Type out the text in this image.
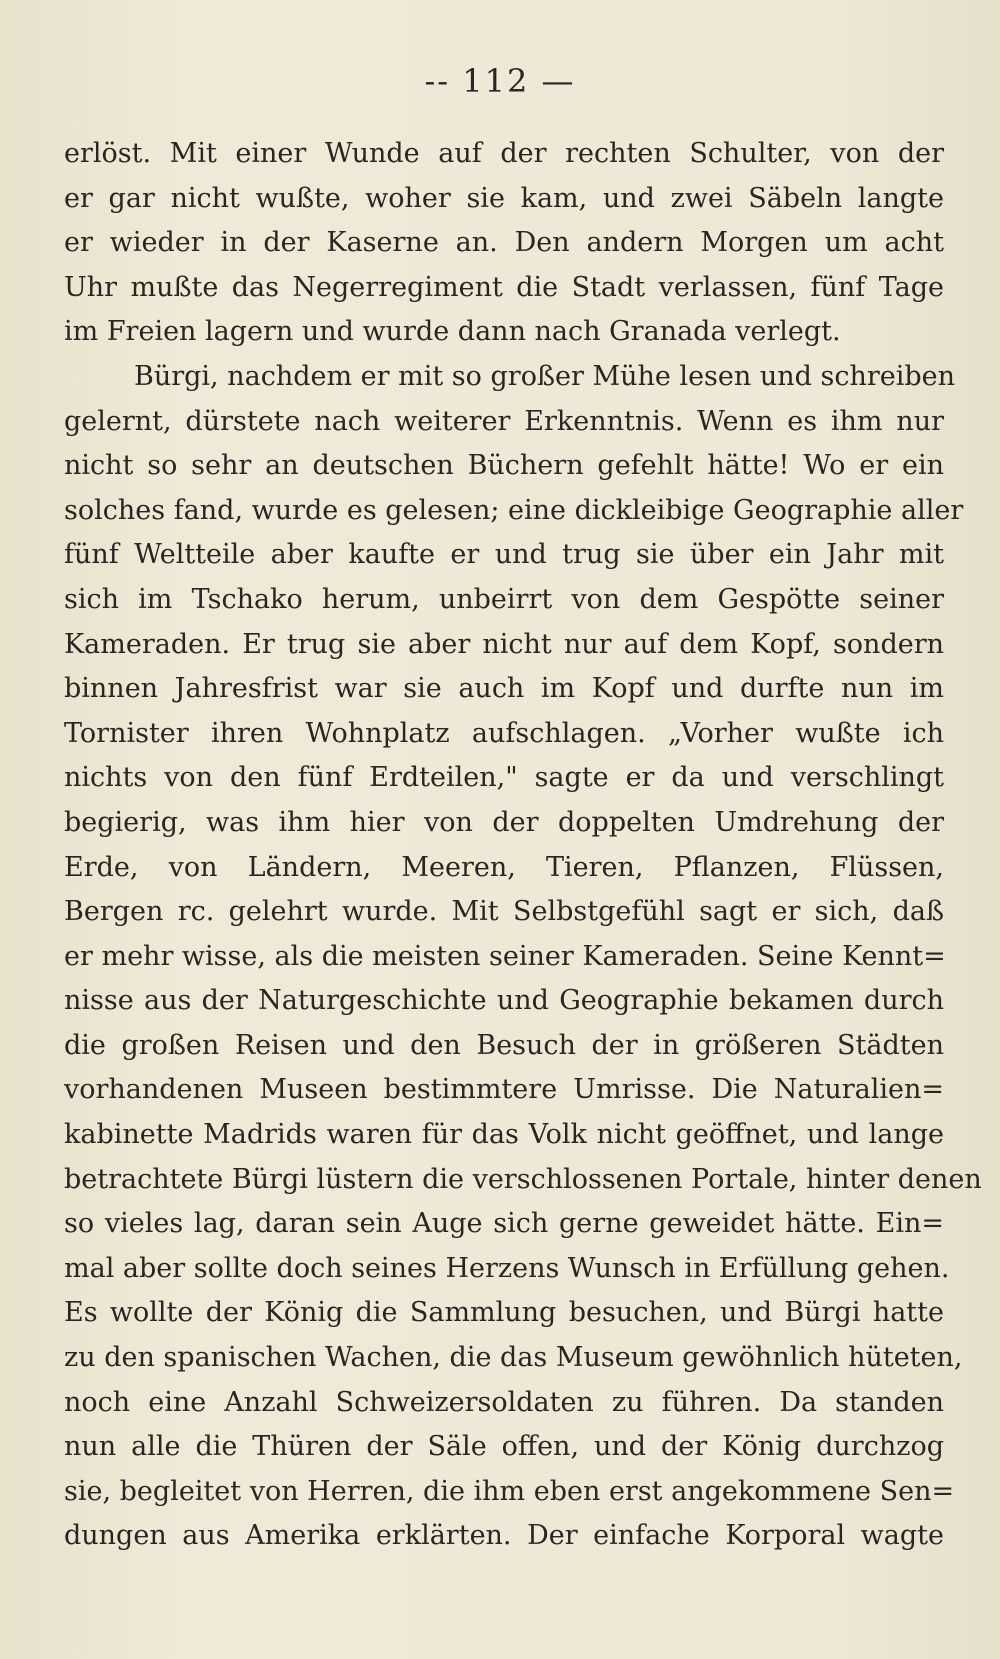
-- 112 —
erlöst. Mit einer Wunde auf der rechten Schulter, von der
er gar nicht wußte, woher sie kam, und zwei Säbeln langte
er wieder in der Kaserne an. Den andern Morgen um acht
Uhr mußte das Negerregiment die Stadt verlassen, fünf Tage
im Freien lagern und wurde dann nach Granada verlegt.
Bürgi, nachdem er mit so großer Mühe lesen und schreiben
gelernt, dürstete nach weiterer Erkenntnis. Wenn es ihm nur
nicht so sehr an deutschen Büchern gefehlt hätte! Wo er ein
solches fand, wurde es gelesen; eine dickleibige Geographie aller
fünf Weltteile aber kaufte er und trug sie über ein Jahr mit
sich im Tschako herum, unbeirrt von dem Gespötte seiner
Kameraden. Er trug sie aber nicht nur auf dem Kopf, sondern
binnen Jahresfrist war sie auch im Kopf und durfte nun im
Tornister ihren Wohnplatz aufschlagen. „Vorher wußte ich
nichts von den fünf Erdteilen," sagte er da und verschlingt
begierig, was ihm hier von der doppelten Umdrehung der
Erde, von Ländern, Meeren, Tieren, Pflanzen, Flüssen,
Bergen rc. gelehrt wurde. Mit Selbstgefühl sagt er sich, daß
er mehr wisse, als die meisten seiner Kameraden. Seine Kennt=
nisse aus der Naturgeschichte und Geographie bekamen durch
die großen Reisen und den Besuch der in größeren Städten
vorhandenen Museen bestimmtere Umrisse. Die Naturalien=
kabinette Madrids waren für das Volk nicht geöffnet, und lange
betrachtete Bürgi lüstern die verschlossenen Portale, hinter denen
so vieles lag, daran sein Auge sich gerne geweidet hätte. Ein=
mal aber sollte doch seines Herzens Wunsch in Erfüllung gehen.
Es wollte der König die Sammlung besuchen, und Bürgi hatte
zu den spanischen Wachen, die das Museum gewöhnlich hüteten,
noch eine Anzahl Schweizersoldaten zu führen. Da standen
nun alle die Thüren der Säle offen, und der König durchzog
sie, begleitet von Herren, die ihm eben erst angekommene Sen=
dungen aus Amerika erklärten. Der einfache Korporal wagte
